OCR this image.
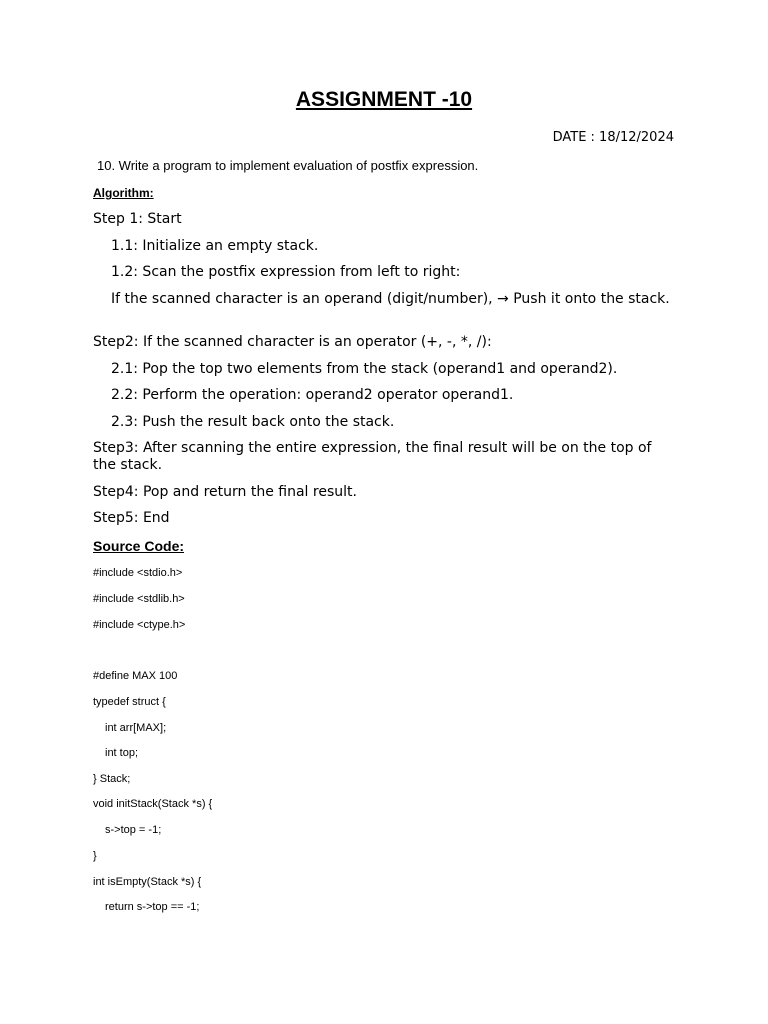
ASSIGNMENT -10
DATE : 18/12/2024
10. Write a program to implement evaluation of postfix expression.
Algorithm:
Step 1: Start
1.1: Initialize an empty stack.
1.2: Scan the postfix expression from left to right:
If the scanned character is an operand (digit/number), → Push it onto the stack.
Step2: If the scanned character is an operator (+, -, *, /):
2.1: Pop the top two elements from the stack (operand1 and operand2).
2.2: Perform the operation: operand2 operator operand1.
2.3: Push the result back onto the stack.
Step3: After scanning the entire expression, the final result will be on the top of the stack.
Step4: Pop and return the final result.
Step5: End
Source Code:
#include <stdio.h>
#include <stdlib.h>
#include <ctype.h>
#define MAX 100
typedef struct {
int arr[MAX];
int top;
} Stack;
void initStack(Stack *s) {
s->top = -1;
}
int isEmpty(Stack *s) {
return s->top == -1;
